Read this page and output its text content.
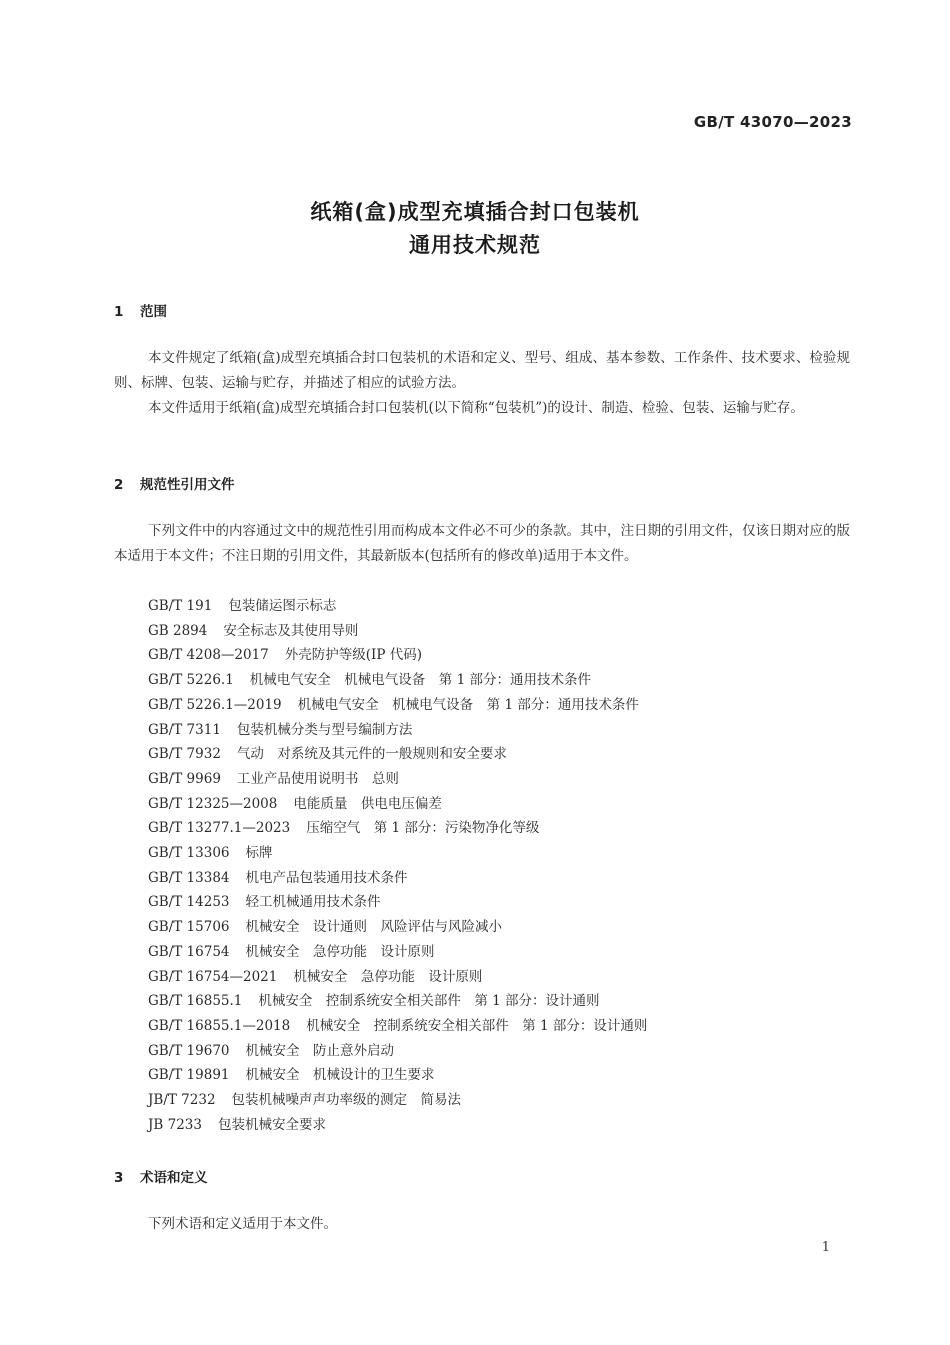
GB/T 43070—2023
纸箱(盒)成型充填插合封口包装机
通用技术规范
1 范围

本文件规定了纸箱(盒)成型充填插合封口包装机的术语和定义、型号、组成、基本参数、工作条件、技术要求、检验规则、标牌、包装、运输与贮存，并描述了相应的试验方法。

本文件适用于纸箱(盒)成型充填插合封口包装机(以下简称“包装机”)的设计、制造、检验、包装、运输与贮存。

2 规范性引用文件

下列文件中的内容通过文中的规范性引用而构成本文件必不可少的条款。其中，注日期的引用文件，仅该日期对应的版本适用于本文件；不注日期的引用文件，其最新版本(包括所有的修改单)适用于本文件。

GB/T 191 包装储运图示标志
GB 2894 安全标志及其使用导则
GB/T 4208—2017 外壳防护等级(IP 代码)
GB/T 5226.1 机械电气安全　机械电气设备　第 1 部分：通用技术条件
GB/T 5226.1—2019 机械电气安全　机械电气设备　第 1 部分：通用技术条件
GB/T 7311 包装机械分类与型号编制方法
GB/T 7932 气动　对系统及其元件的一般规则和安全要求
GB/T 9969 工业产品使用说明书　总则
GB/T 12325—2008 电能质量　供电电压偏差
GB/T 13277.1—2023 压缩空气　第 1 部分：污染物净化等级
GB/T 13306 标牌
GB/T 13384 机电产品包装通用技术条件
GB/T 14253 轻工机械通用技术条件
GB/T 15706 机械安全　设计通则　风险评估与风险减小
GB/T 16754 机械安全　急停功能　设计原则
GB/T 16754—2021 机械安全　急停功能　设计原则
GB/T 16855.1 机械安全　控制系统安全相关部件　第 1 部分：设计通则
GB/T 16855.1—2018 机械安全　控制系统安全相关部件　第 1 部分：设计通则
GB/T 19670 机械安全　防止意外启动
GB/T 19891 机械安全　机械设计的卫生要求
JB/T 7232 包装机械噪声声功率级的测定　简易法
JB 7233 包装机械安全要求
3 术语和定义

下列术语和定义适用于本文件。

1
